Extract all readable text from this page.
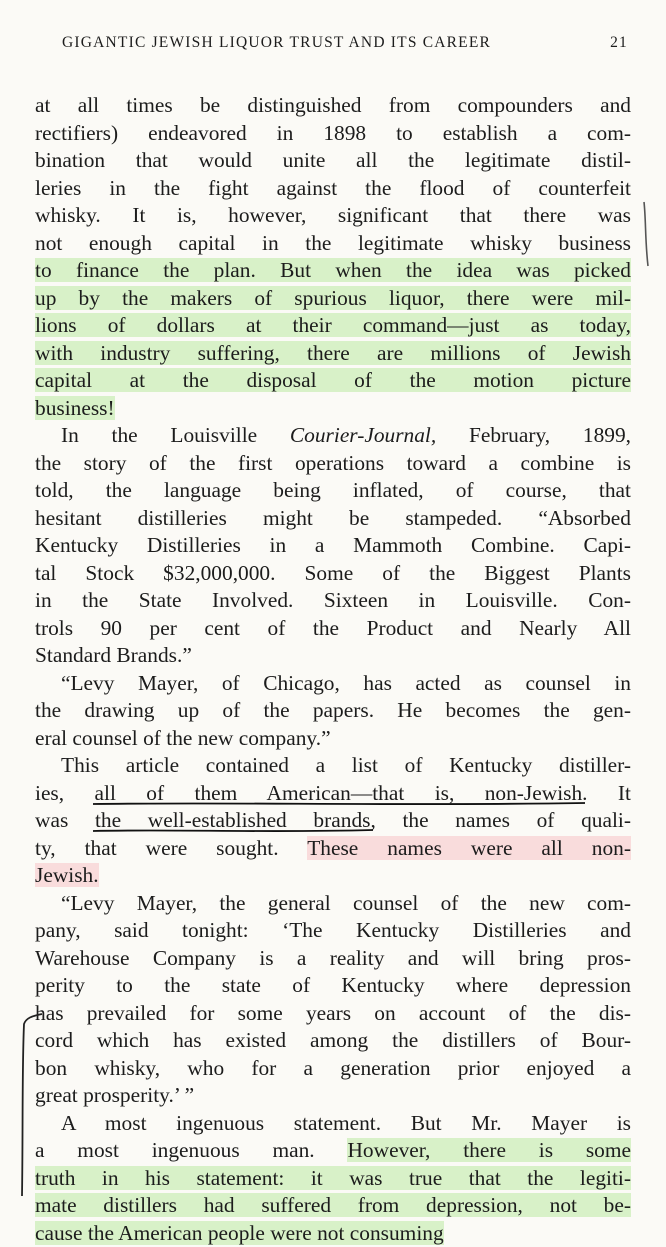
GIGANTIC JEWISH LIQUOR TRUST AND ITS CAREER	21
at all times be distinguished from compounders and
rectifiers) endeavored in 1898 to establish a com-
bination that would unite all the legitimate distil-
leries in the fight against the flood of counterfeit
whisky. It is, however, significant that there was
not enough capital in the legitimate whisky business
to finance the plan. But when the idea was picked
up by the makers of spurious liquor, there were mil-
lions of dollars at their command—just as today,
with industry suffering, there are millions of Jewish
capital at the disposal of the motion picture
business!
In the Louisville Courier-Journal, February, 1899,
the story of the first operations toward a combine is
told, the language being inflated, of course, that
hesitant distilleries might be stampeded. “Absorbed
Kentucky Distilleries in a Mammoth Combine. Capi-
tal Stock $32,000,000. Some of the Biggest Plants
in the State Involved. Sixteen in Louisville. Con-
trols 90 per cent of the Product and Nearly All
Standard Brands.”
“Levy Mayer, of Chicago, has acted as counsel in
the drawing up of the papers. He becomes the gen-
eral counsel of the new company.”
This article contained a list of Kentucky distiller-
ies, all of them American—that is, non-Jewish. It
was the well-established brands, the names of quali-
ty, that were sought. These names were all non-
Jewish.
“Levy Mayer, the general counsel of the new com-
pany, said tonight: ‘The Kentucky Distilleries and
Warehouse Company is a reality and will bring pros-
perity to the state of Kentucky where depression
has prevailed for some years on account of the dis-
cord which has existed among the distillers of Bour-
bon whisky, who for a generation prior enjoyed a
great prosperity.’ ”
A most ingenuous statement. But Mr. Mayer is
a most ingenuous man. However, there is some
truth in his statement: it was true that the legiti-
mate distillers had suffered from depression, not be-
cause the American people were not consuming
